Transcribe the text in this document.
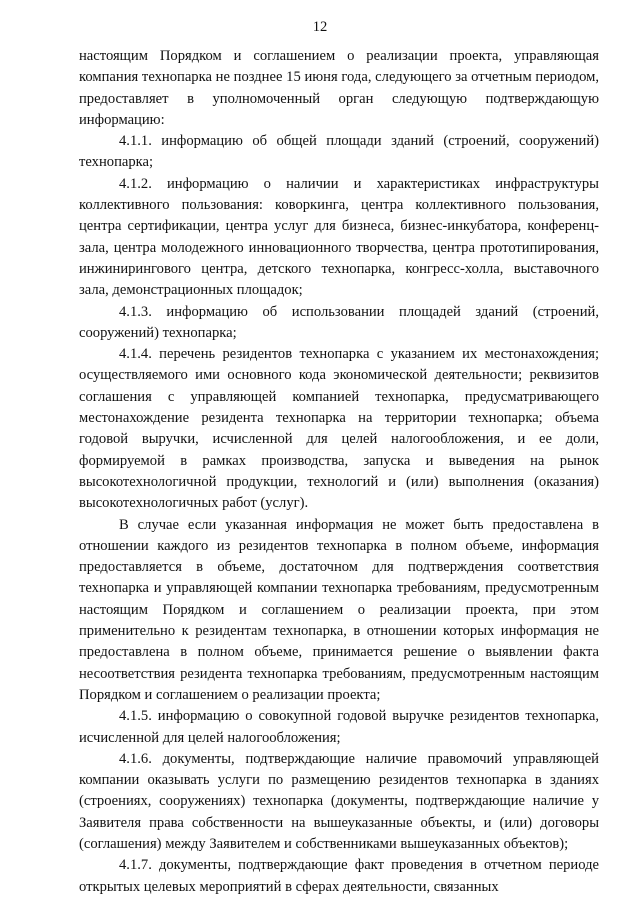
12

настоящим Порядком и соглашением о реализации проекта, управляющая компания технопарка не позднее 15 июня года, следующего за отчетным периодом, предоставляет в уполномоченный орган следующую подтверждающую информацию:

4.1.1. информацию об общей площади зданий (строений, сооружений) технопарка;

4.1.2. информацию о наличии и характеристиках инфраструктуры коллективного пользования: коворкинга, центра коллективного пользования, центра сертификации, центра услуг для бизнеса, бизнес-инкубатора, конференц-зала, центра молодежного инновационного творчества, центра прототипирования, инжинирингового центра, детского технопарка, конгресс-холла, выставочного зала, демонстрационных площадок;

4.1.3. информацию об использовании площадей зданий (строений, сооружений) технопарка;

4.1.4. перечень резидентов технопарка с указанием их местонахождения; осуществляемого ими основного кода экономической деятельности; реквизитов соглашения с управляющей компанией технопарка, предусматривающего местонахождение резидента технопарка на территории технопарка; объема годовой выручки, исчисленной для целей налогообложения, и ее доли, формируемой в рамках производства, запуска и выведения на рынок высокотехнологичной продукции, технологий и (или) выполнения (оказания) высокотехнологичных работ (услуг).

В случае если указанная информация не может быть предоставлена в отношении каждого из резидентов технопарка в полном объеме, информация предоставляется в объеме, достаточном для подтверждения соответствия технопарка и управляющей компании технопарка требованиям, предусмотренным настоящим Порядком и соглашением о реализации проекта, при этом применительно к резидентам технопарка, в отношении которых информация не предоставлена в полном объеме, принимается решение о выявлении факта несоответствия резидента технопарка требованиям, предусмотренным настоящим Порядком и соглашением о реализации проекта;

4.1.5. информацию о совокупной годовой выручке резидентов технопарка, исчисленной для целей налогообложения;

4.1.6. документы, подтверждающие наличие правомочий управляющей компании оказывать услуги по размещению резидентов технопарка в зданиях (строениях, сооружениях) технопарка (документы, подтверждающие наличие у Заявителя права собственности на вышеуказанные объекты, и (или) договоры (соглашения) между Заявителем и собственниками вышеуказанных объектов);

4.1.7. документы, подтверждающие факт проведения в отчетном периоде открытых целевых мероприятий в сферах деятельности, связанных
